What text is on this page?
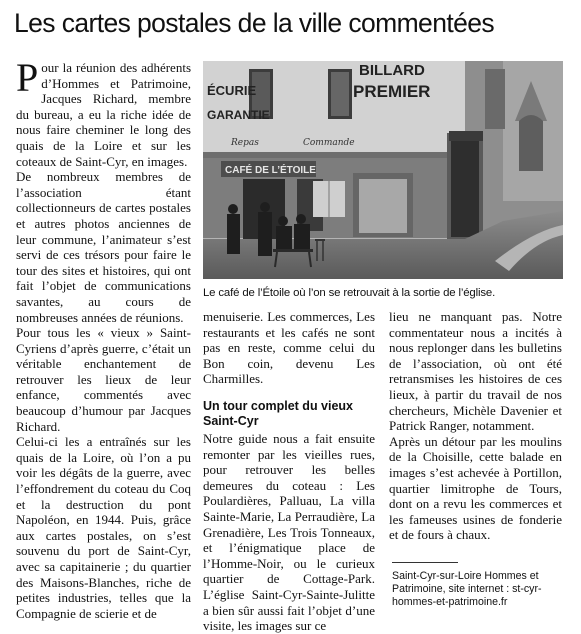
Les cartes postales de la ville commentées

Pour la réunion des adhérents d’Hommes et Patrimoine, Jacques Richard, membre du bureau, a eu la riche idée de nous faire cheminer le long des quais de la Loire et sur les coteaux de Saint-Cyr, en images.

De nombreux membres de l’association étant collectionneurs de cartes postales et autres photos anciennes de leur commune, l’animateur s’est servi de ces trésors pour faire le tour des sites et histoires, qui ont fait l’objet de communications savantes, au cours de nombreuses années de réunions.

Pour tous les « vieux » Saint-Cyriens d’après guerre, c’était un véritable enchantement de retrouver les lieux de leur enfance, commentés avec beaucoup d’humour par Jacques Richard.

Celui-ci les a entraînés sur les quais de la Loire, où l’on a pu voir les dégâts de la guerre, avec l’effondrement du coteau du Coq et la destruction du pont Napoléon, en 1944. Puis, grâce aux cartes postales, on s’est souvenu du port de Saint-Cyr, avec sa capitainerie ; du quartier des Maisons-Blanches, riche de petites industries, telles que la Compagnie de scierie et de

ÉCURIE
GARANTIE
BILLARD
PREMIER
Repas	Commande
CAFÉ DE L’ÉTOILE
Le café de l’Étoile où l’on se retrouvait à la sortie de l’église.

menuiserie. Les commerces, Les restaurants et les cafés ne sont pas en reste, comme celui du Bon coin, devenu Les Charmilles.

Un tour complet du vieux Saint-Cyr

Notre guide nous a fait ensuite remonter par les vieilles rues, pour retrouver les belles demeures du coteau : Les Poulardières, Palluau, La villa Sainte-Marie, La Perraudière, La Grenadière, Les Trois Tonneaux, et l’énigmatique place de l’Homme-Noir, ou le curieux quartier de Cottage-Park. L’église Saint-Cyr-Sainte-Julitte a bien sûr aussi fait l’objet d’une visite, les images sur ce

lieu ne manquant pas. Notre commentateur nous a incités à nous replonger dans les bulletins de l’association, où ont été retransmises les histoires de ces lieux, à partir du travail de nos chercheurs, Michèle Davenier et Patrick Ranger, notamment.

Après un détour par les moulins de la Choisille, cette balade en images s’est achevée à Portillon, quartier limitrophe de Tours, dont on a revu les commerces et les fameuses usines de fonderie et de fours à chaux.

Saint-Cyr-sur-Loire Hommes et Patrimoine, site internet : st-cyr-hommes-et-patrimoine.fr
